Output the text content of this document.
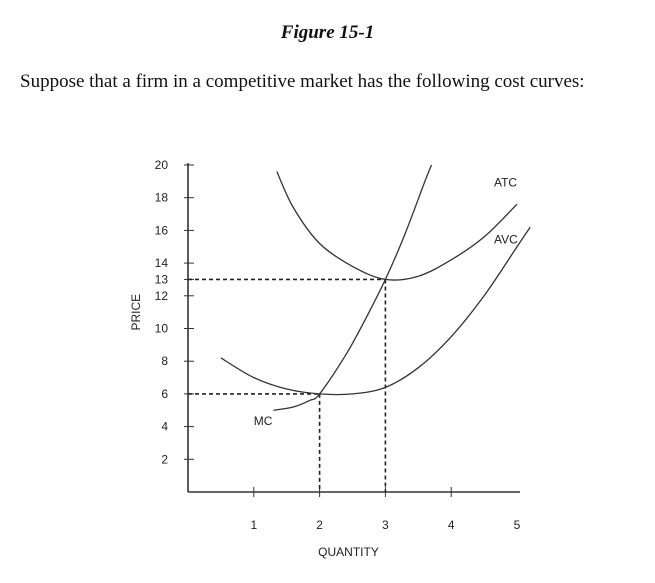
Figure 15-1
Suppose that a firm in a competitive market has the following cost curves:
2
4
6
8
10
12
13
14
16
18
20
1	2	3	4	5
QUANTITY
PRICE
ATC
AVC
MC
